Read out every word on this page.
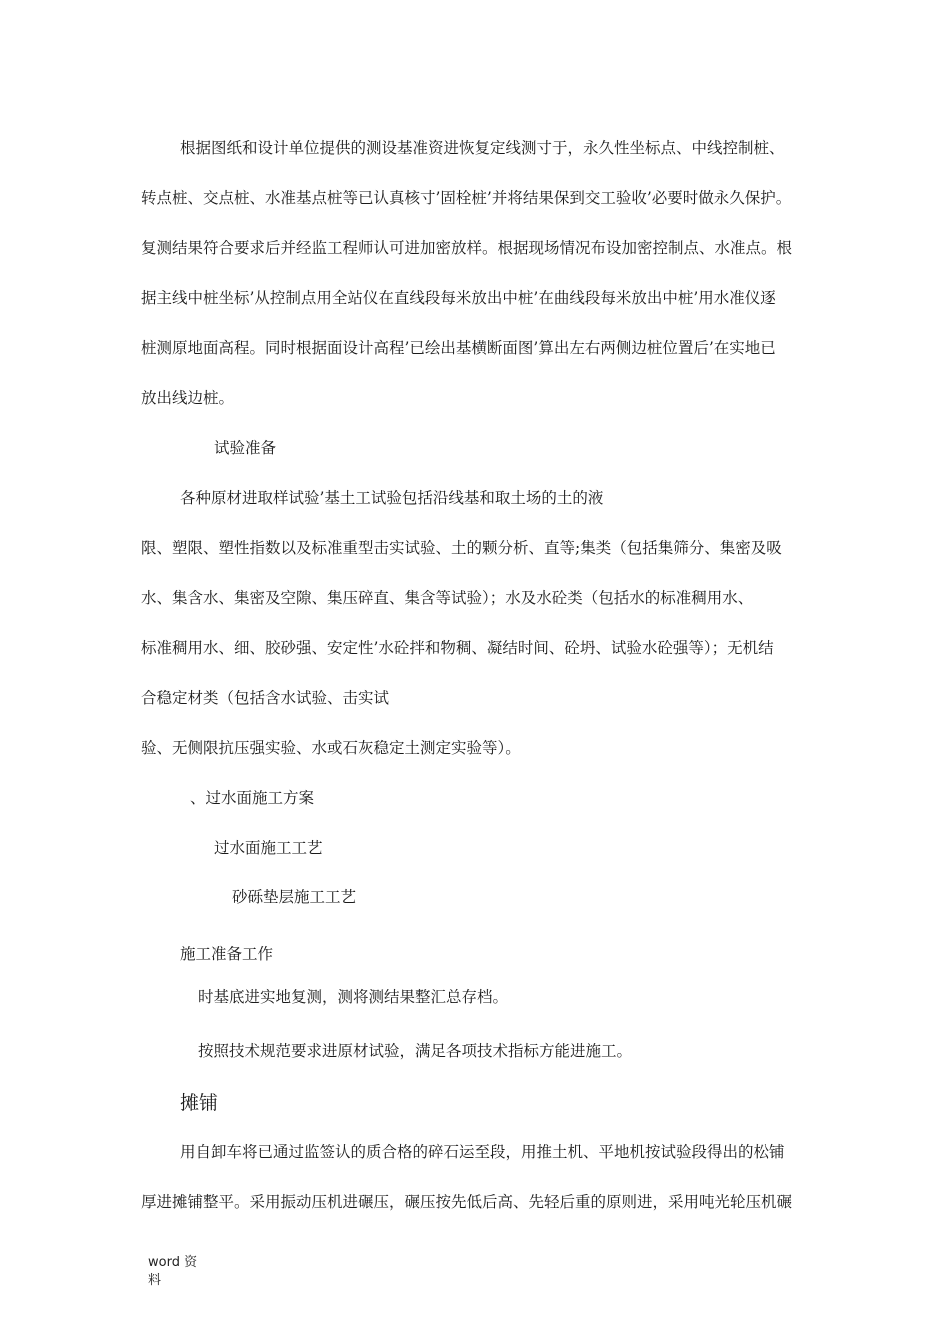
根据图纸和设计单位提供的测设基准资进恢复定线测寸于，永久性坐标点、中线控制桩、
转点桩、交点桩、水准基点桩等已认真核寸’固栓桩’并将结果保到交工验收’必要时做永久保护。
复测结果符合要求后并经监工程师认可进加密放样。根据现场情况布设加密控制点、水准点。根
据主线中桩坐标’从控制点用全站仪在直线段每米放出中桩’在曲线段每米放出中桩’用水准仪逐
桩测原地面高程。同时根据面设计高程’已绘出基横断面图’算出左右两侧边桩位置后’在实地已
放出线边桩。
试验准备
各种原材进取样试验’基土工试验包括沿线基和取土场的土的液
限、塑限、塑性指数以及标准重型击实试验、土的颗分析、直等;集类（包括集筛分、集密及吸
水、集含水、集密及空隙、集压碎直、集含等试验）；水及水砼类（包括水的标准稠用水、
标准稠用水、细、胶砂强、安定性’水砼拌和物稠、凝结时间、砼坍、试验水砼强等）；无机结
合稳定材类（包括含水试验、击实试
验、无侧限抗压强实验、水或石灰稳定土测定实验等）。
、过水面施工方案
过水面施工工艺
砂砾垫层施工工艺
施工准备工作
时基底进实地复测，测将测结果整汇总存档。
按照技术规范要求进原材试验，满足各项技术指标方能进施工。
摊铺
用自卸车将已通过监签认的质合格的碎石运至段，用推土机、平地机按试验段得出的松铺
厚进摊铺整平。采用振动压机进碾压，碾压按先低后高、先轻后重的原则进，采用吨光轮压机碾
word 资
料
